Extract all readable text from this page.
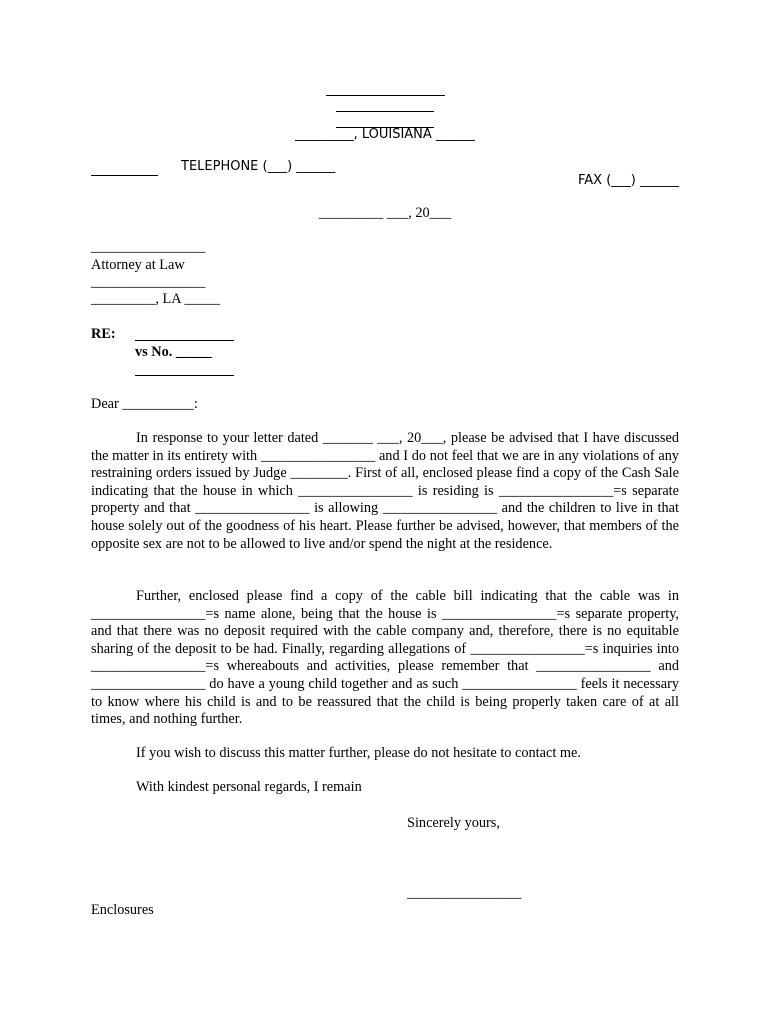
_________, LOUISIANA ______
TELEPHONE (___) ______
FAX (___) ______
_________ ___, 20___
________________
Attorney at Law
________________
_________, LA _____
RE:
vs No. _____
Dear __________:
In response to your letter dated _______ ___, 20___, please be advised that I have discussed the matter in its entirety with ________________ and I do not feel that we are in any violations of any restraining orders issued by Judge ________. First of all, enclosed please find a copy of the Cash Sale indicating that the house in which ________________ is residing is ________________=s separate property and that ________________ is allowing ________________ and the children to live in that house solely out of the goodness of his heart. Please further be advised, however, that members of the opposite sex are not to be allowed to live and/or spend the night at the residence.
Further, enclosed please find a copy of the cable bill indicating that the cable was in ________________=s name alone, being that the house is ________________=s separate property, and that there was no deposit required with the cable company and, therefore, there is no equitable sharing of the deposit to be had. Finally, regarding allegations of ________________=s inquiries into ________________=s whereabouts and activities, please remember that ________________ and ________________ do have a young child together and as such ________________ feels it necessary to know where his child is and to be reassured that the child is being properly taken care of at all times, and nothing further.
If you wish to discuss this matter further, please do not hesitate to contact me.
With kindest personal regards, I remain
Sincerely yours,
________________
Enclosures
